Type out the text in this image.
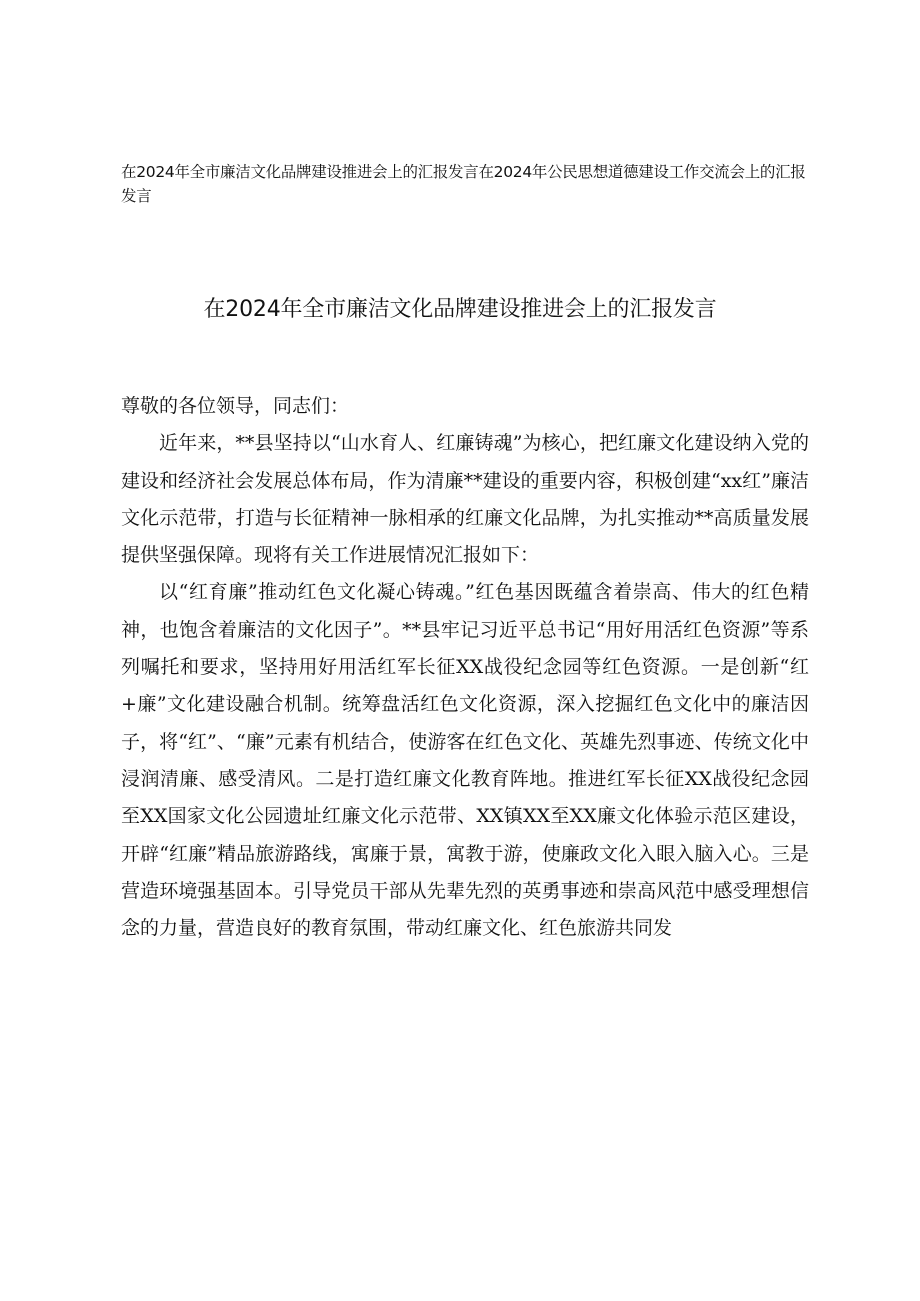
在2024年全市廉洁文化品牌建设推进会上的汇报发言在2024年公民思想道德建设工作交流会上的汇报发言
在2024年全市廉洁文化品牌建设推进会上的汇报发言

尊敬的各位领导，同志们：

近年来，**县坚持以“山水育人、红廉铸魂”为核心，把红廉文化建设纳入党的建设和经济社会发展总体布局，作为清廉**建设的重要内容，积极创建“xx红”廉洁文化示范带，打造与长征精神一脉相承的红廉文化品牌，为扎实推动**高质量发展提供坚强保障。现将有关工作进展情况汇报如下：

以“红育廉”推动红色文化凝心铸魂。”红色基因既蕴含着崇高、伟大的红色精神，也饱含着廉洁的文化因子”。**县牢记习近平总书记“用好用活红色资源”等系列嘱托和要求，坚持用好用活红军长征XX战役纪念园等红色资源。一是创新“红+廉”文化建设融合机制。统筹盘活红色文化资源，深入挖掘红色文化中的廉洁因子，将“红”、“廉”元素有机结合，使游客在红色文化、英雄先烈事迹、传统文化中浸润清廉、感受清风。二是打造红廉文化教育阵地。推进红军长征XX战役纪念园至XX国家文化公园遗址红廉文化示范带、XX镇XX至XX廉文化体验示范区建设，开辟“红廉”精品旅游路线，寓廉于景，寓教于游，使廉政文化入眼入脑入心。三是营造环境强基固本。引导党员干部从先辈先烈的英勇事迹和崇高风范中感受理想信念的力量，营造良好的教育氛围，带动红廉文化、红色旅游共同发
